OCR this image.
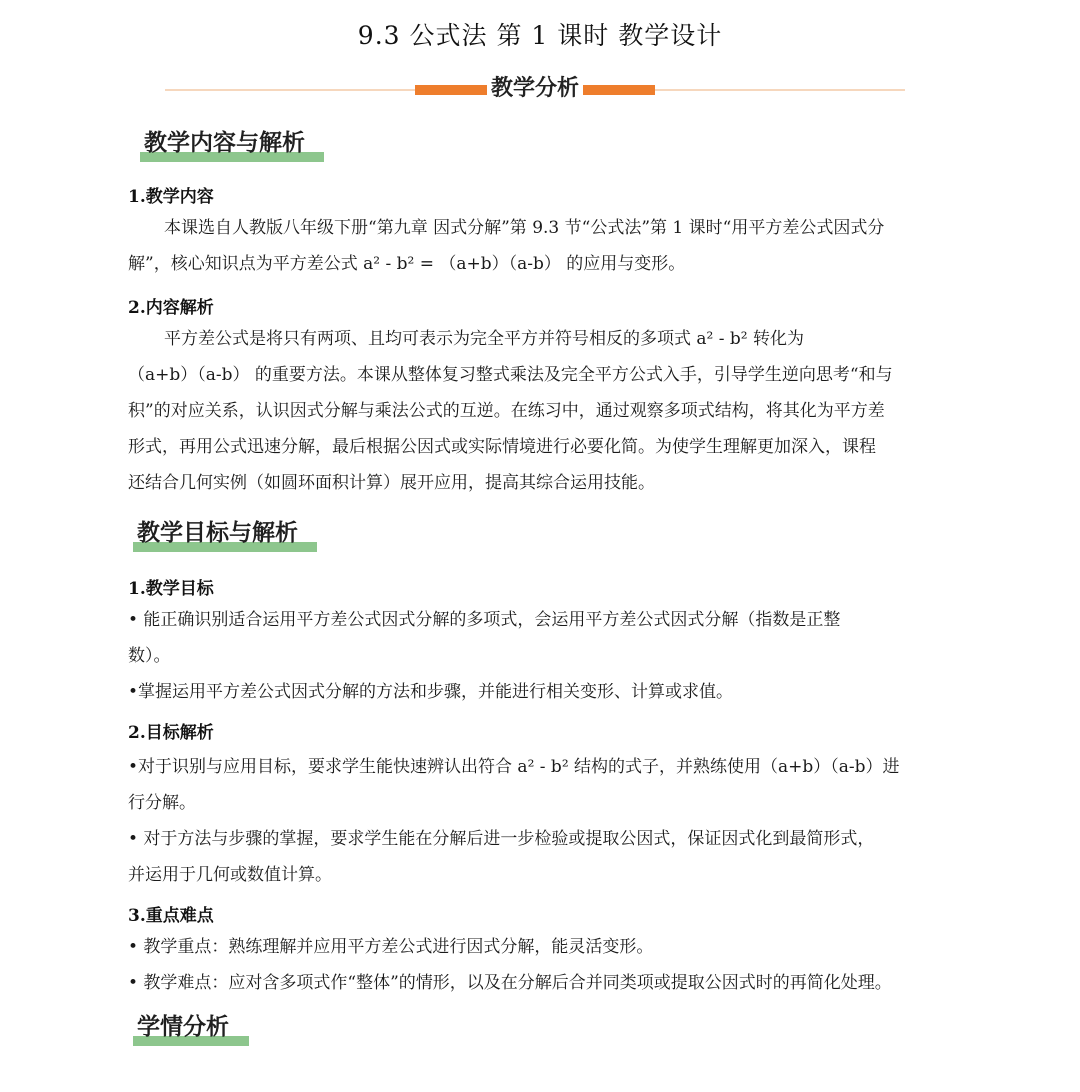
9.3 公式法 第 1 课时 教学设计
教学分析
教学内容与解析
1.教学内容
本课选自人教版八年级下册“第九章 因式分解”第 9.3 节“公式法”第 1 课时“用平方差公式因式分
解”，核心知识点为平方差公式 a² - b² = （a+b）（a-b） 的应用与变形。
2.内容解析
平方差公式是将只有两项、且均可表示为完全平方并符号相反的多项式 a² - b² 转化为
（a+b）（a-b） 的重要方法。本课从整体复习整式乘法及完全平方公式入手，引导学生逆向思考“和与
积”的对应关系，认识因式分解与乘法公式的互逆。在练习中，通过观察多项式结构，将其化为平方差
形式，再用公式迅速分解，最后根据公因式或实际情境进行必要化简。为使学生理解更加深入，课程
还结合几何实例（如圆环面积计算）展开应用，提高其综合运用技能。
教学目标与解析
1.教学目标
• 能正确识别适合运用平方差公式因式分解的多项式，会运用平方差公式因式分解（指数是正整
数）。
•掌握运用平方差公式因式分解的方法和步骤，并能进行相关变形、计算或求值。
2.目标解析
•对于识别与应用目标，要求学生能快速辨认出符合 a² - b² 结构的式子，并熟练使用（a+b）（a-b）进
行分解。
• 对于方法与步骤的掌握，要求学生能在分解后进一步检验或提取公因式，保证因式化到最简形式，
并运用于几何或数值计算。
3.重点难点
• 教学重点：熟练理解并应用平方差公式进行因式分解，能灵活变形。
• 教学难点：应对含多项式作“整体”的情形，以及在分解后合并同类项或提取公因式时的再简化处理。
学情分析
